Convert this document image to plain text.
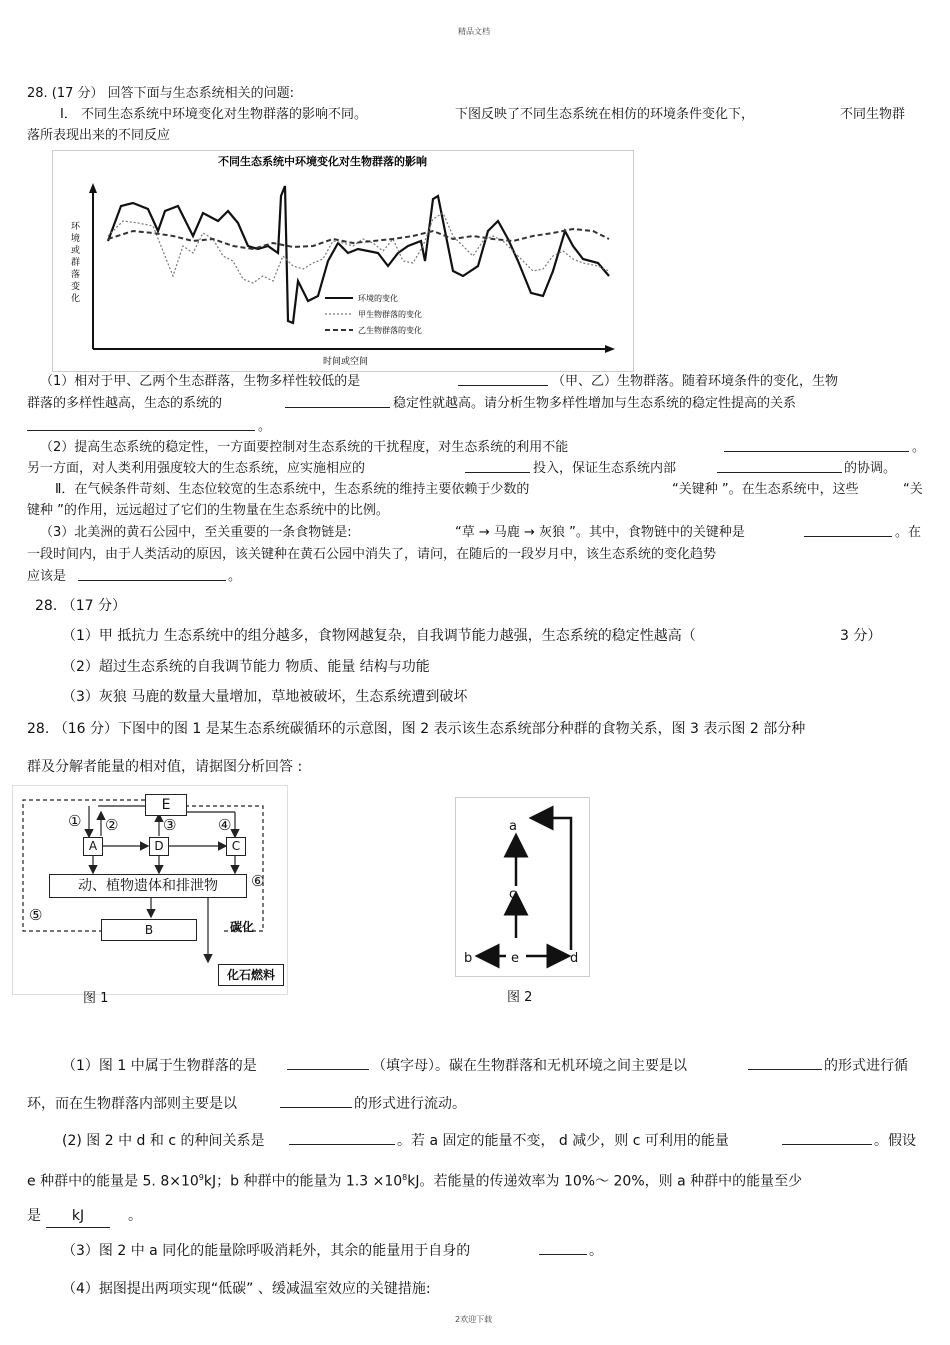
精品文档
28. (17 分） 回答下面与生态系统相关的问题:
Ⅰ． 不同生态系统中环境变化对生物群落的影响不同。	下图反映了不同生态系统在相仿的环境条件变化下，	不同生物群
落所表现出来的不同反应
不同生态系统中环境变化对生物群落的影响
环
境
或
群
落
变
化
时间或空间
环境的变化
甲生物群落的变化
乙生物群落的变化
（1）相对于甲、乙两个生态群落，生物多样性较低的是	（甲、乙）生物群落。随着环境条件的变化，生物
群落的多样性越高，生态的系统的	稳定性就越高。请分析生物多样性增加与生态系统的稳定性提高的关系
。
（2）提高生态系统的稳定性，一方面要控制对生态系统的干扰程度，对生态系统的利用不能	。
另一方面，对人类利用强度较大的生态系统，应实施相应的	投入，保证生态系统内部	的协调。
Ⅱ．在气候条件苛刻、生态位较宽的生态系统中，生态系统的维持主要依赖于少数的	“关键种 ”。在生态系统中，这些	“关
键种 ”的作用，远远超过了它们的生物量在生态系统中的比例。
（3）北美洲的黄石公园中，至关重要的一条食物链是:	“草 → 马鹿 → 灰狼 ”。其中，食物链中的关键种是	。在
一段时间内，由于人类活动的原因，该关键种在黄石公园中消失了，请问，在随后的一段岁月中，该生态系统的变化趋势
应该是	。
28. （17 分）
（1）甲 抵抗力 生态系统中的组分越多，食物网越复杂，自我调节能力越强，生态系统的稳定性越高（	3 分）
（2）超过生态系统的自我调节能力 物质、能量 结构与功能
（3）灰狼 马鹿的数量大量增加，草地被破坏，生态系统遭到破坏
28. （16 分）下图中的图 1 是某生态系统碳循环的示意图，图 2 表示该生态系统部分种群的食物关系，图 3 表示图 2 部分种
群及分解者能量的相对值，请据图分析回答 :
E
A	D	C
动、植物遗体和排泄物
B
化石燃料
碳化
① ②	③	④
⑤
⑥
图 1
a
c
b	e	d
图 2
（1）图 1 中属于生物群落的是	（填字母）。碳在生物群落和无机环境之间主要是以	的形式进行循
环，而在生物群落内部则主要是以	的形式进行流动。
(2) 图 2 中 d 和 c 的种间关系是	。若 a 固定的能量不变， d 减少，则 c 可利用的能量	。假设
e 种群中的能量是 5. $8\times 10^9kJ$；b 种群中的能量为 $1.3 \times 10^8kJ$。若能量的传递效率为 10%～ 20%，则 a 种群中的能量至少
是	kJ	。
（3）图 2 中 a 同化的能量除呼吸消耗外，其余的能量用于自身的	。
（4）据图提出两项实现“低碳” 、缓减温室效应的关键措施:
2欢迎下载
